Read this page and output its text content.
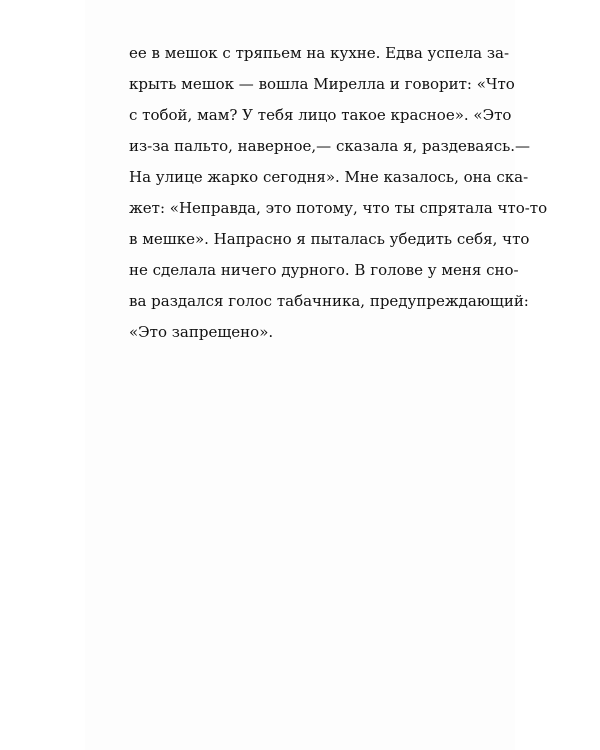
ее в мешок с тряпьем на кухне. Едва успела за-
крыть мешок — вошла Мирелла и говорит: «Что
с тобой, мам? У тебя лицо такое красное». «Это
из-за пальто, наверное,— сказала я, раздеваясь.—
На улице жарко сегодня». Мне казалось, она ска-
жет: «Неправда, это потому, что ты спрятала что-то
в мешке». Напрасно я пыталась убедить себя, что
не сделала ничего дурного. В голове у меня сно-
ва раздался голос табачника, предупреждающий:
«Это запрещено».
